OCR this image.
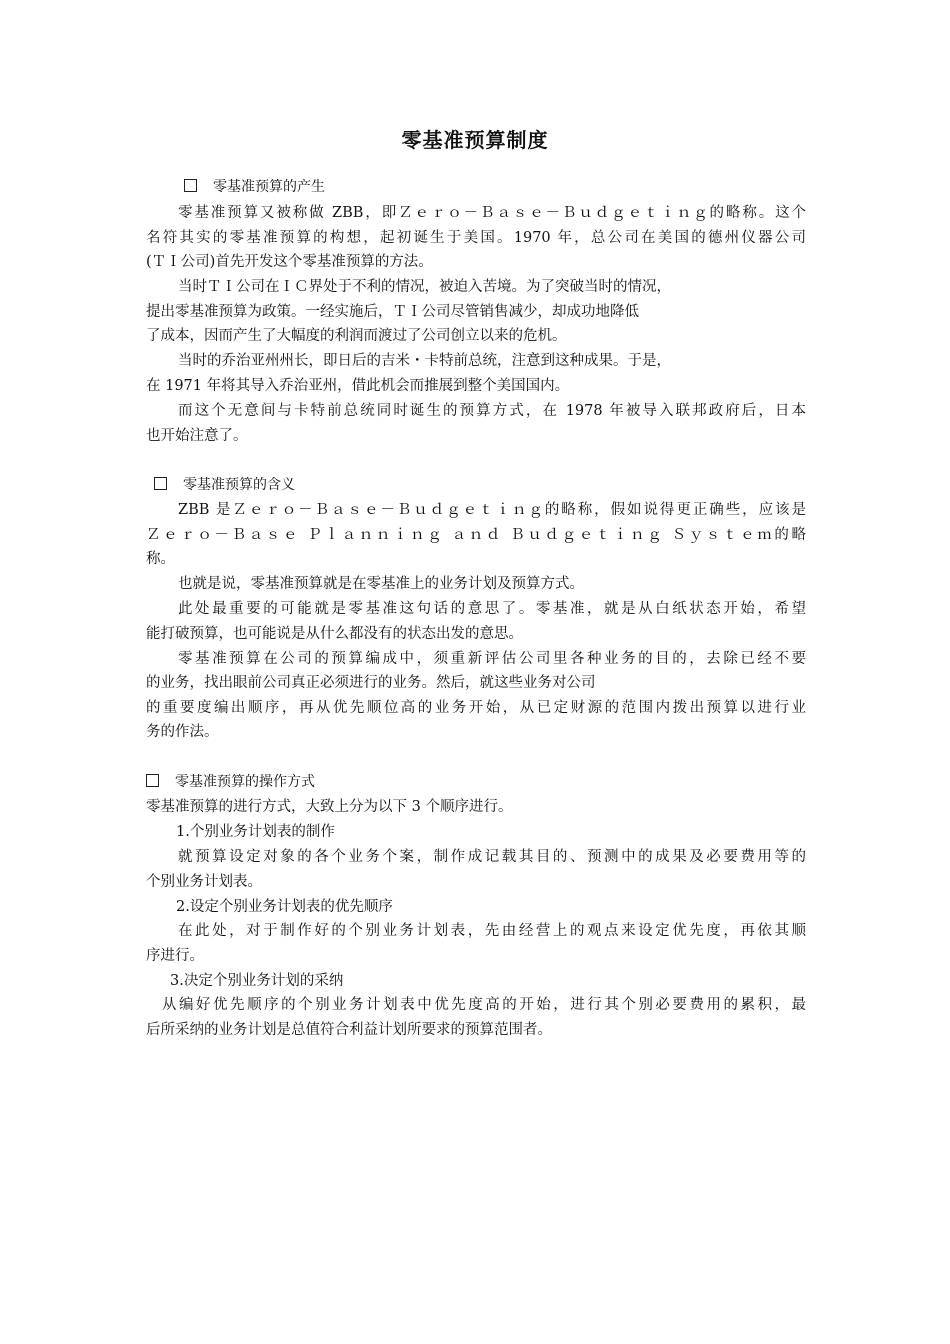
零基准预算制度
零基准预算的产生
零基准预算又被称做 ZBB，即Ｚｅｒｏ－Ｂａｓｅ－Ｂｕｄｇｅｔｉｎｇ的略称。这个
名符其实的零基准预算的构想，起初诞生于美国。1970 年，总公司在美国的德州仪器公司
(ＴＩ公司)首先开发这个零基准预算的方法。
当时ＴＩ公司在ＩＣ界处于不利的情况，被迫入苦境。为了突破当时的情况，
提出零基准预算为政策。一经实施后，ＴＩ公司尽管销售减少，却成功地降低
了成本，因而产生了大幅度的利润而渡过了公司创立以来的危机。
当时的乔治亚州州长，即日后的吉米・卡特前总统，注意到这种成果。于是，
在 1971 年将其导入乔治亚州，借此机会而推展到整个美国国内。
而这个无意间与卡特前总统同时诞生的预算方式，在 1978 年被导入联邦政府后，日本
也开始注意了。
零基准预算的含义
ZBB 是Ｚｅｒｏ－Ｂａｓｅ－Ｂｕｄｇｅｔｉｎｇ的略称，假如说得更正确些，应该是
Ｚｅｒｏ－Ｂａｓｅ Ｐｌａｎｎｉｎｇ ａｎｄ Ｂｕｄｇｅｔｉｎｇ Ｓｙｓｔｅｍ的略
称。
也就是说，零基准预算就是在零基准上的业务计划及预算方式。
此处最重要的可能就是零基准这句话的意思了。零基准，就是从白纸状态开始，希望
能打破预算，也可能说是从什么都没有的状态出发的意思。
零基准预算在公司的预算编成中，须重新评估公司里各种业务的目的，去除已经不要
的业务，找出眼前公司真正必须进行的业务。然后，就这些业务对公司
的重要度编出顺序，再从优先顺位高的业务开始，从已定财源的范围内拨出预算以进行业
务的作法。
零基准预算的操作方式
零基准预算的进行方式，大致上分为以下 3 个顺序进行。
1.个别业务计划表的制作
就预算设定对象的各个业务个案，制作成记载其目的、预测中的成果及必要费用等的
个别业务计划表。
2.设定个别业务计划表的优先顺序
在此处，对于制作好的个别业务计划表，先由经营上的观点来设定优先度，再依其顺
序进行。
3.决定个别业务计划的采纳
从编好优先顺序的个别业务计划表中优先度高的开始，进行其个别必要费用的累积，最
后所采纳的业务计划是总值符合利益计划所要求的预算范围者。
